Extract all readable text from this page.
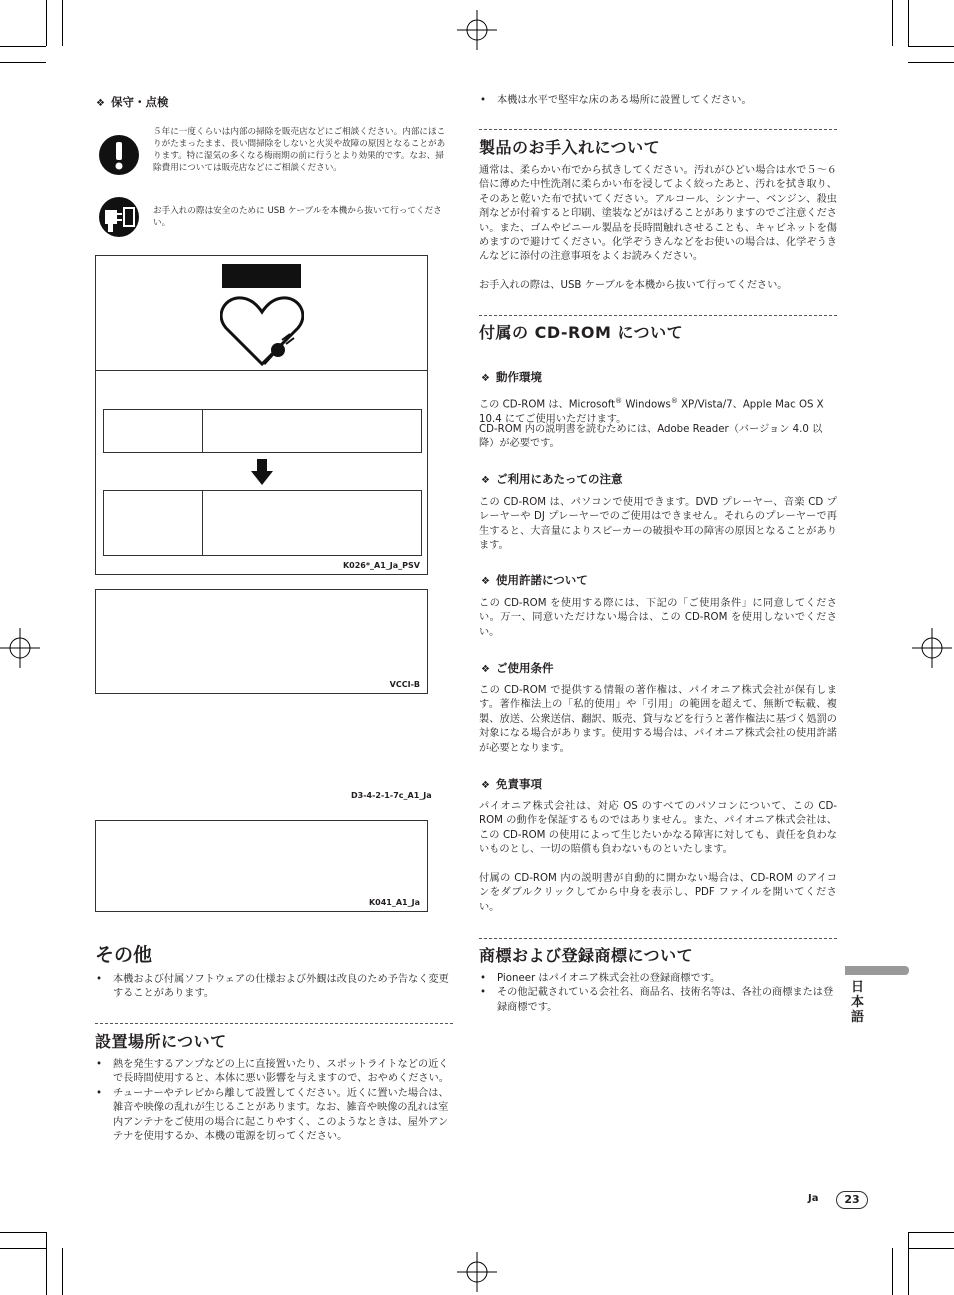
❖ 保守・点検

５年に一度くらいは内部の掃除を販売店などにご相談ください。内部にほこりがたまったまま、長い間掃除をしないと火災や故障の原因となることがあります。特に湿気の多くなる梅雨期の前に行うとより効果的です。なお、掃除費用については販売店などにご相談ください。

お手入れの際は安全のために USB ケーブルを本機から抜いて行ってください。

K026*_A1_Ja_PSV
VCCI-B
D3-4-2-1-7c_A1_Ja
K041_A1_Ja
その他
• 本機および付属ソフトウェアの仕様および外観は改良のため予告なく変更することがあります。
設置場所について
• 熱を発生するアンプなどの上に直接置いたり、スポットライトなどの近くで長時間使用すると、本体に悪い影響を与えますので、おやめください。
• チューナーやテレビから離して設置してください。近くに置いた場合は、雑音や映像の乱れが生じることがあります。なお、雑音や映像の乱れは室内アンテナをご使用の場合に起こりやすく、このようなときは、屋外アンテナを使用するか、本機の電源を切ってください。
• 本機は水平で堅牢な床のある場所に設置してください。
製品のお手入れについて

通常は、柔らかい布でから拭きしてください。汚れがひどい場合は水で５～６倍に薄めた中性洗剤に柔らかい布を浸してよく絞ったあと、汚れを拭き取り、そのあと乾いた布で拭いてください。アルコール、シンナー、ベンジン、殺虫剤などが付着すると印刷、塗装などがはげることがありますのでご注意ください。また、ゴムやビニール製品を長時間触れさせることも、キャビネットを傷めますので避けてください。化学ぞうきんなどをお使いの場合は、化学ぞうきんなどに添付の注意事項をよくお読みください。

お手入れの際は、USB ケーブルを本機から抜いて行ってください。

付属の CD-ROM について
❖ 動作環境

この CD-ROM は、Microsoft® Windows® XP/Vista/7、Apple Mac OS X 10.4 にてご使用いただけます。

CD-ROM 内の説明書を読むためには、Adobe Reader（バージョン 4.0 以降）が必要です。

❖ ご利用にあたっての注意

この CD-ROM は、パソコンで使用できます。DVD プレーヤー、音楽 CD プレーヤーや DJ プレーヤーでのご使用はできません。それらのプレーヤーで再生すると、大音量によりスピーカーの破損や耳の障害の原因となることがあります。

❖ 使用許諾について

この CD-ROM を使用する際には、下記の「ご使用条件」に同意してください。万一、同意いただけない場合は、この CD-ROM を使用しないでください。

❖ ご使用条件

この CD-ROM で提供する情報の著作権は、パイオニア株式会社が保有します。著作権法上の「私的使用」や「引用」の範囲を超えて、無断で転載、複製、放送、公衆送信、翻訳、販売、貸与などを行うと著作権法に基づく処罰の対象になる場合があります。使用する場合は、パイオニア株式会社の使用許諾が必要となります。

❖ 免責事項

パイオニア株式会社は、対応 OS のすべてのパソコンについて、この CD-ROM の動作を保証するものではありません。また、パイオニア株式会社は、この CD-ROM の使用によって生じたいかなる障害に対しても、責任を負わないものとし、一切の賠償も負わないものといたします。

付属の CD-ROM 内の説明書が自動的に開かない場合は、CD-ROM のアイコンをダブルクリックしてから中身を表示し、PDF ファイルを開いてください。

商標および登録商標について
• Pioneer はパイオニア株式会社の登録商標です。
• その他記載されている会社名、商品名、技術名等は、各社の商標または登録商標です。
日本語
Ja	23
